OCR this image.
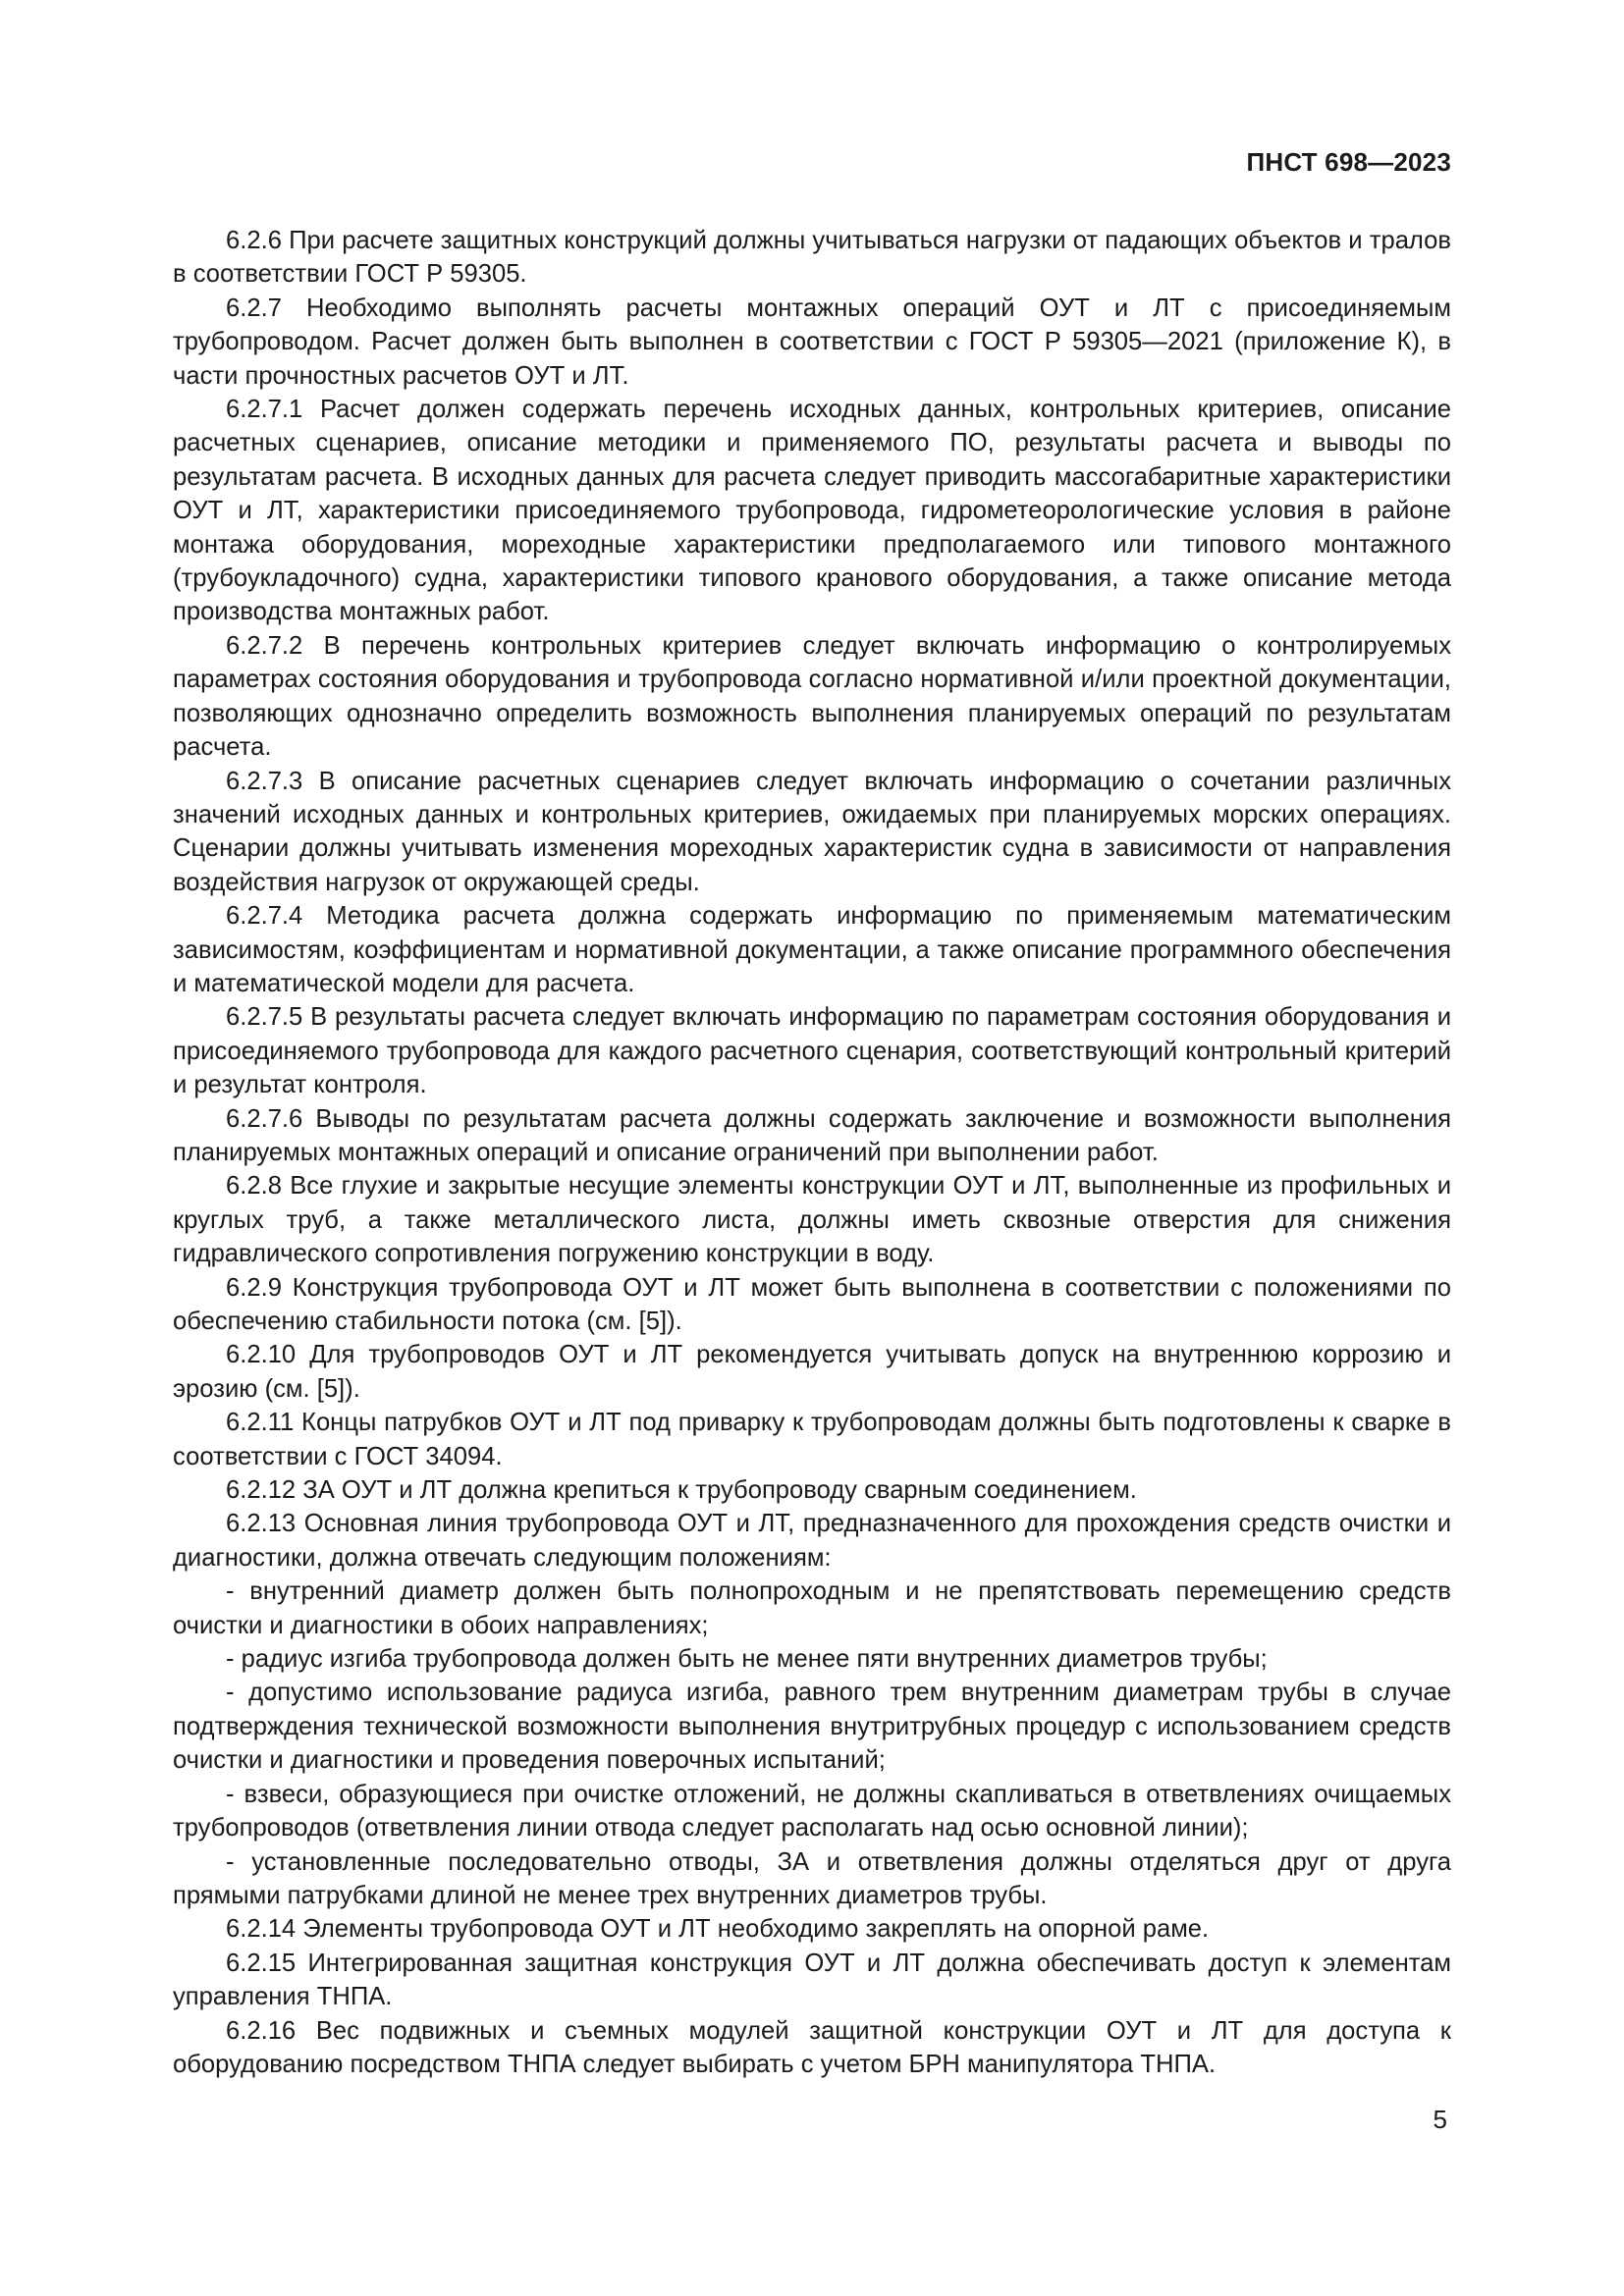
ПНСТ 698—2023

6.2.6 При расчете защитных конструкций должны учитываться нагрузки от падающих объектов и тралов в соответствии ГОСТ Р 59305.

6.2.7 Необходимо выполнять расчеты монтажных операций ОУТ и ЛТ с присоединяемым трубопроводом. Расчет должен быть выполнен в соответствии с ГОСТ Р 59305—2021 (приложение К), в части прочностных расчетов ОУТ и ЛТ.

6.2.7.1 Расчет должен содержать перечень исходных данных, контрольных критериев, описание расчетных сценариев, описание методики и применяемого ПО, результаты расчета и выводы по результатам расчета. В исходных данных для расчета следует приводить массогабаритные характеристики ОУТ и ЛТ, характеристики присоединяемого трубопровода, гидрометеорологические условия в районе монтажа оборудования, мореходные характеристики предполагаемого или типового монтажного (трубоукладочного) судна, характеристики типового кранового оборудования, а также описание метода производства монтажных работ.

6.2.7.2 В перечень контрольных критериев следует включать информацию о контролируемых параметрах состояния оборудования и трубопровода согласно нормативной и/или проектной документации, позволяющих однозначно определить возможность выполнения планируемых операций по результатам расчета.

6.2.7.3 В описание расчетных сценариев следует включать информацию о сочетании различных значений исходных данных и контрольных критериев, ожидаемых при планируемых морских операциях. Сценарии должны учитывать изменения мореходных характеристик судна в зависимости от направления воздействия нагрузок от окружающей среды.

6.2.7.4 Методика расчета должна содержать информацию по применяемым математическим зависимостям, коэффициентам и нормативной документации, а также описание программного обеспечения и математической модели для расчета.

6.2.7.5 В результаты расчета следует включать информацию по параметрам состояния оборудования и присоединяемого трубопровода для каждого расчетного сценария, соответствующий контрольный критерий и результат контроля.

6.2.7.6 Выводы по результатам расчета должны содержать заключение и возможности выполнения планируемых монтажных операций и описание ограничений при выполнении работ.

6.2.8 Все глухие и закрытые несущие элементы конструкции ОУТ и ЛТ, выполненные из профильных и круглых труб, а также металлического листа, должны иметь сквозные отверстия для снижения гидравлического сопротивления погружению конструкции в воду.

6.2.9 Конструкция трубопровода ОУТ и ЛТ может быть выполнена в соответствии с положениями по обеспечению стабильности потока (см. [5]).

6.2.10 Для трубопроводов ОУТ и ЛТ рекомендуется учитывать допуск на внутреннюю коррозию и эрозию (см. [5]).

6.2.11 Концы патрубков ОУТ и ЛТ под приварку к трубопроводам должны быть подготовлены к сварке в соответствии с ГОСТ 34094.

6.2.12 ЗА ОУТ и ЛТ должна крепиться к трубопроводу сварным соединением.

6.2.13 Основная линия трубопровода ОУТ и ЛТ, предназначенного для прохождения средств очистки и диагностики, должна отвечать следующим положениям:

- внутренний диаметр должен быть полнопроходным и не препятствовать перемещению средств очистки и диагностики в обоих направлениях;

- радиус изгиба трубопровода должен быть не менее пяти внутренних диаметров трубы;

- допустимо использование радиуса изгиба, равного трем внутренним диаметрам трубы в случае подтверждения технической возможности выполнения внутритрубных процедур с использованием средств очистки и диагностики и проведения поверочных испытаний;

- взвеси, образующиеся при очистке отложений, не должны скапливаться в ответвлениях очищаемых трубопроводов (ответвления линии отвода следует располагать над осью основной линии);

- установленные последовательно отводы, ЗА и ответвления должны отделяться друг от друга прямыми патрубками длиной не менее трех внутренних диаметров трубы.

6.2.14 Элементы трубопровода ОУТ и ЛТ необходимо закреплять на опорной раме.

6.2.15 Интегрированная защитная конструкция ОУТ и ЛТ должна обеспечивать доступ к элементам управления ТНПА.

6.2.16 Вес подвижных и съемных модулей защитной конструкции ОУТ и ЛТ для доступа к оборудованию посредством ТНПА следует выбирать с учетом БРН манипулятора ТНПА.

5
